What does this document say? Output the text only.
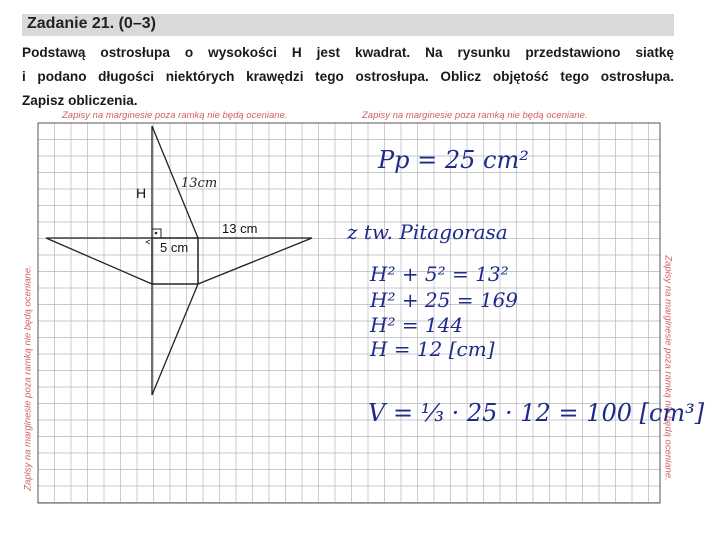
Zadanie 21. (0–3)
Podstawą ostrosłupa o wysokości H jest kwadrat. Na rysunku przedstawiono siatkę
i podano długości niektórych krawędzi tego ostrosłupa. Oblicz objętość tego ostrosłupa.
Zapisz obliczenia.
Zapisy na marginesie poza ramką nie będą oceniane.	Zapisy na marginesie poza ramką nie będą oceniane.
Zapisy na marginesie poza ramką nie będą oceniane.	Zapisy na marginesie poza ramką nie będą oceniane.
H
13cm
13 cm
5 cm
Pp = 25 cm²
z tw. Pitagorasa
H² + 5² = 13²
H² + 25 = 169
H² = 144
H = 12 [cm]
V = ⅓ · 25 · 12 = 100 [cm³]
